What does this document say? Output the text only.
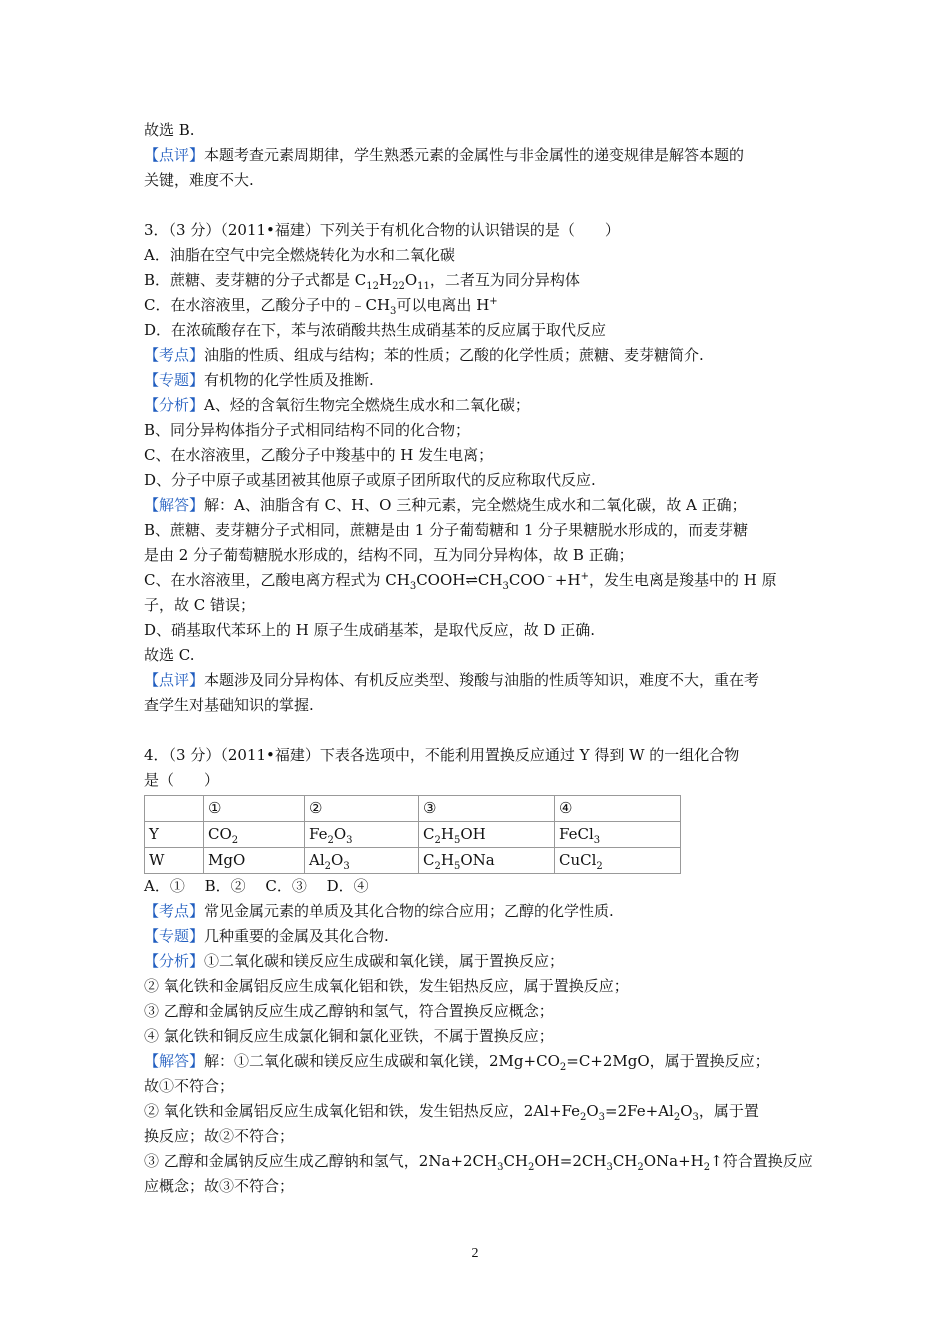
故选 B.
【点评】本题考查元素周期律，学生熟悉元素的金属性与非金属性的递变规律是解答本题的
关键，难度不大.
3．（3 分）（2011•福建）下列关于有机化合物的认识错误的是（　　）
A．油脂在空气中完全燃烧转化为水和二氧化碳
B．蔗糖、麦芽糖的分子式都是 $C_{12}H_{22}O_{11}$，二者互为同分异构体
C．在水溶液里，乙酸分子中的$﹣CH_3$可以电离出 H+
D．在浓硫酸存在下，苯与浓硝酸共热生成硝基苯的反应属于取代反应
【考点】油脂的性质、组成与结构；苯的性质；乙酸的化学性质；蔗糖、麦芽糖简介.
【专题】有机物的化学性质及推断.
【分析】A、烃的含氧衍生物完全燃烧生成水和二氧化碳；
B、同分异构体指分子式相同结构不同的化合物；
C、在水溶液里，乙酸分子中羧基中的 H 发生电离；
D、分子中原子或基团被其他原子或原子团所取代的反应称取代反应.
【解答】解：A、油脂含有 C、H、O 三种元素，完全燃烧生成水和二氧化碳，故 A 正确；
B、蔗糖、麦芽糖分子式相同，蔗糖是由 1 分子葡萄糖和 1 分子果糖脱水形成的，而麦芽糖
是由 2 分子葡萄糖脱水形成的，结构不同，互为同分异构体，故 B 正确；
C、在水溶液里，乙酸电离方程式为 $CH_3COOH\rightleftharpoons CH_3COO^﹣+H^+$，发生电离是羧基中的 H 原
子，故 C 错误；
D、硝基取代苯环上的 H 原子生成硝基苯，是取代反应，故 D 正确.
故选 C.
【点评】本题涉及同分异构体、有机反应类型、羧酸与油脂的性质等知识，难度不大，重在考
查学生对基础知识的掌握.
4．（3 分）（2011•福建）下表各选项中，不能利用置换反应通过 Y 得到 W 的一组化合物
是（　　）
	①	②	③	④
Y	$CO_2$	$Fe_2O_3$	$C_2H_5OH$	FeCl$_3$
W	MgO	$Al_2O_3$	$C_2H_5ONa$	CuCl$_2$
A．①　 B．②　 C．③　 D．④
【考点】常见金属元素的单质及其化合物的综合应用；乙醇的化学性质.
【专题】几种重要的金属及其化合物.
【分析】①二氧化碳和镁反应生成碳和氧化镁，属于置换反应；
② 氧化铁和金属铝反应生成氧化铝和铁，发生铝热反应，属于置换反应；
③ 乙醇和金属钠反应生成乙醇钠和氢气，符合置换反应概念；
④ 氯化铁和铜反应生成氯化铜和氯化亚铁，不属于置换反应；
【解答】解：①二氧化碳和镁反应生成碳和氧化镁，$2Mg+CO_2=C+2MgO$，属于置换反应；
故①不符合；
② 氧化铁和金属铝反应生成氧化铝和铁，发生铝热反应，$2Al+Fe_2O_3=2Fe+Al_2O_3$，属于置
换反应；故②不符合；
③ 乙醇和金属钠反应生成乙醇钠和氢气，$2Na+2CH_3CH_2OH=2CH_3CH_2ONa+H_2↑$符合置换反应
应概念；故③不符合；
2
